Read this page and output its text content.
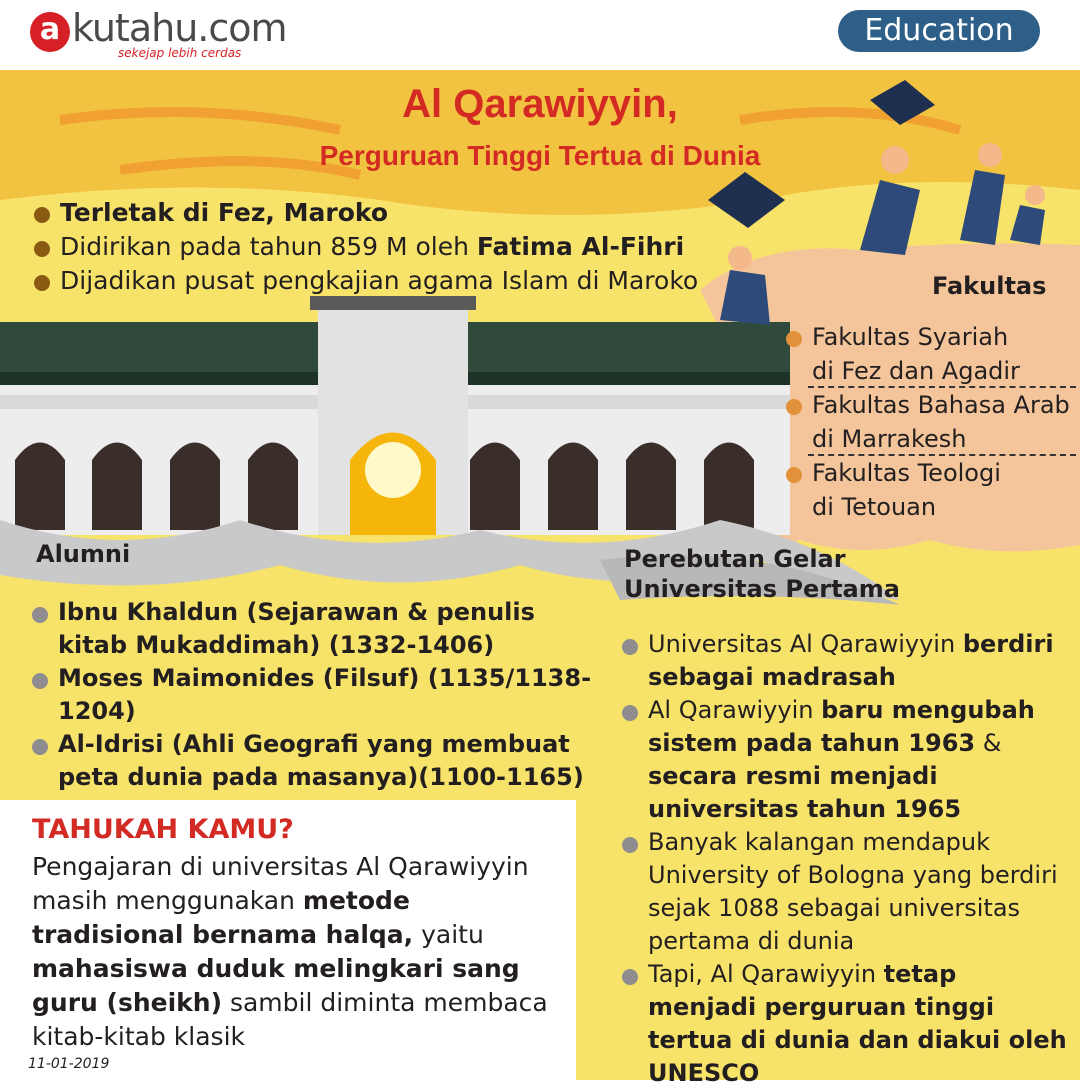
a kutahu.com
sekejap lebih cerdas
Education
Al Qarawiyyin,
Perguruan Tinggi Tertua di Dunia
Terletak di Fez, Maroko
Didirikan pada tahun 859 M oleh Fatima Al-Fihri
Dijadikan pusat pengkajian agama Islam di Maroko	Fakultas
Fakultas Syariah
di Fez dan Agadir
Fakultas Bahasa Arab
di Marrakesh
Fakultas Teologi
di Tetouan
Alumni	Perebutan Gelar
Universitas Pertama
Ibnu Khaldun (Sejarawan & penulis kitab Mukaddimah) (1332-1406)
Moses Maimonides (Filsuf) (1135/1138-1204)
Al-Idrisi (Ahli Geografi yang membuat peta dunia pada masanya)(1100-1165)
Universitas Al Qarawiyyin berdiri sebagai madrasah
Al Qarawiyyin baru mengubah sistem pada tahun 1963 & secara resmi menjadi universitas tahun 1965
Banyak kalangan mendapuk University of Bologna yang berdiri sejak 1088 sebagai universitas pertama di dunia
Tapi, Al Qarawiyyin tetap menjadi perguruan tinggi tertua di dunia dan diakui oleh UNESCO
TAHUKAH KAMU?
Pengajaran di universitas Al Qarawiyyin masih menggunakan metode tradisional bernama halqa, yaitu mahasiswa duduk melingkari sang guru (sheikh) sambil diminta membaca kitab-kitab klasik
11-01-2019
